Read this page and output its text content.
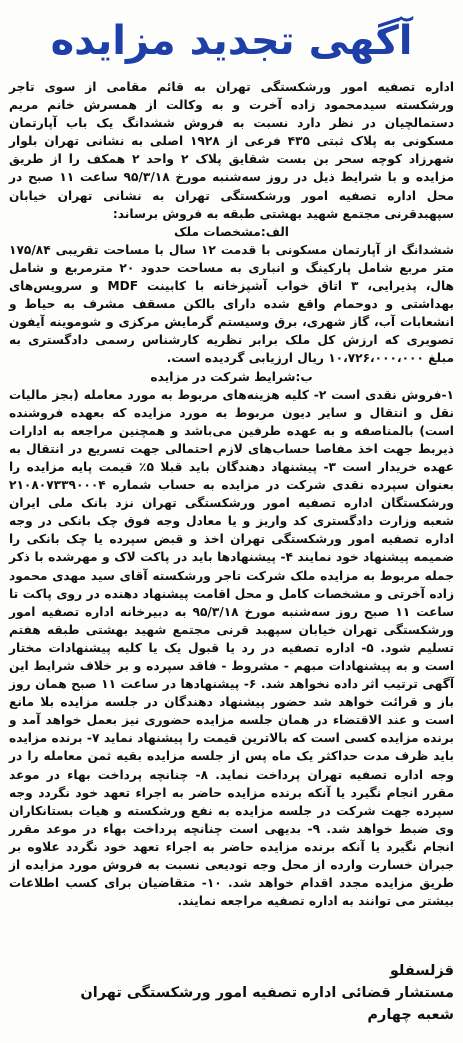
آگهی تجدید مزایده

اداره تصفیه امور ورشکستگی تهران به قائم مقامی از سوی تاجر ورشکسته سیدمحمود زاده آخرت و به وکالت از همسرش خانم مریم دستمالچیان در نظر دارد نسبت به فروش ششدانگ یک باب آپارتمان مسکونی به پلاک ثبتی ۴۳۵ فرعی از ۱۹۲۸ اصلی به نشانی تهران بلوار شهرزاد کوچه سحر بن بست شقایق پلاک ۲ واحد ۲ همکف را از طریق مزایده و با شرایط ذیل در روز سه‌شنبه مورخ ۹۵/۳/۱۸ ساعت ۱۱ صبح در محل اداره تصفیه امور ورشکستگی تهران به نشانی تهران خیابان سپهبدقرنی مجتمع شهید بهشتی طبقه به فروش برساند:

الف:مشخصات ملک

ششدانگ از آپارتمان مسکونی با قدمت ۱۲ سال با مساحت تقریبی ۱۷۵/۸۴ متر مربع شامل پارکینگ و انباری به مساحت حدود ۲۰ مترمربع و شامل هال، پذیرایی، ۳ اتاق خواب آشپزخانه با کابینت MDF و سرویس‌های بهداشتی و دوحمام واقع شده دارای بالکن مسقف مشرف به حیاط و انشعابات آب، گاز شهری، برق وسیستم گرمایش مرکزی و شوموینه آیفون تصویری که ارزش کل ملک برابر نظریه کارشناس رسمی دادگستری به مبلغ ۱۰،۷۲۶،۰۰۰،۰۰۰ ریال ارزیابی گردیده است.

ب:شرایط شرکت در مزایده

۱-فروش نقدی است ۲- کلیه هزینه‌های مربوط به مورد معامله (بجز مالیات نقل و انتقال و سایر دیون مربوط به مورد مزایده که بعهده فروشنده است) بالمناصفه و به عهده طرفین می‌باشد و همچنین مراجعه به ادارات ذیربط جهت اخذ مفاصا حساب‌های لازم احتمالی جهت تسریع در انتقال به عهده خریدار است ۳- پیشنهاد دهندگان باید قبلا ۵٪ قیمت پایه مزایده را بعنوان سپرده نقدی شرکت در مزایده به حساب شماره ۲۱۰۸۰۷۳۳۹۰۰۰۴ ورشکستگان اداره تصفیه امور ورشکستگی تهران نزد بانک ملی ایران شعبه وزارت دادگستری کد واریز و یا معادل وجه فوق چک بانکی در وجه اداره تصفیه امور ورشکستگی تهران اخذ و قبض سپرده یا چک بانکی را ضمیمه پیشنهاد خود نمایند ۴- پیشنهادها باید در پاکت لاک و مهرشده با ذکر جمله مربوط به مزایده ملک شرکت تاجر ورشکسته آقای سید مهدی محمود زاده آخرتی و مشخصات کامل و محل اقامت پیشنهاد دهنده در روی پاکت تا ساعت ۱۱ صبح روز سه‌شنبه مورخ ۹۵/۳/۱۸ به دبیرخانه اداره تصفیه امور ورشکستگی تهران خیابان سپهبد قرنی مجتمع شهید بهشتی طبقه هفتم تسلیم شود. ۵- اداره تصفیه در رد یا قبول یک یا کلیه پیشنهادات مختار است و به پیشنهادات مبهم - مشروط - فاقد سپرده و بر خلاف شرایط این آگهی ترتیب اثر داده نخواهد شد. ۶- پیشنهادها در ساعت ۱۱ صبح همان روز باز و قرائت خواهد شد حضور پیشنهاد دهندگان در جلسه مزایده بلا مانع است و عند الاقتضاء در همان جلسه مزایده حضوری نیز بعمل خواهد آمد و برنده مزایده کسی است که بالاترین قیمت را پیشنهاد نماید ۷- برنده مزایده باید ظرف مدت حداکثر یک ماه پس از جلسه مزایده بقیه ثمن معامله را در وجه اداره تصفیه تهران پرداخت نماید. ۸- چنانچه پرداخت بهاء در موعد مقرر انجام نگیرد یا آنکه برنده مزایده حاضر به اجراء تعهد خود نگردد وجه سپرده جهت شرکت در جلسه مزایده به نفع ورشکسته و هیات بستانکاران وی ضبط خواهد شد. ۹- بدیهی است چنانچه پرداخت بهاء در موعد مقرر انجام نگیرد یا آنکه برنده مزایده حاضر به اجراء تعهد خود نگردد علاوه بر جبران خسارت وارده از محل وجه تودیعی نسبت به فروش مورد مزایده از طریق مزایده مجدد اقدام خواهد شد. ۱۰- متقاضیان برای کسب اطلاعات بیشتر می توانند به اداره تصفیه مراجعه نمایند.

قزلسفلو
مستشار قضائی اداره تصفیه امور ورشکستگی تهران
شعبه چهارم
